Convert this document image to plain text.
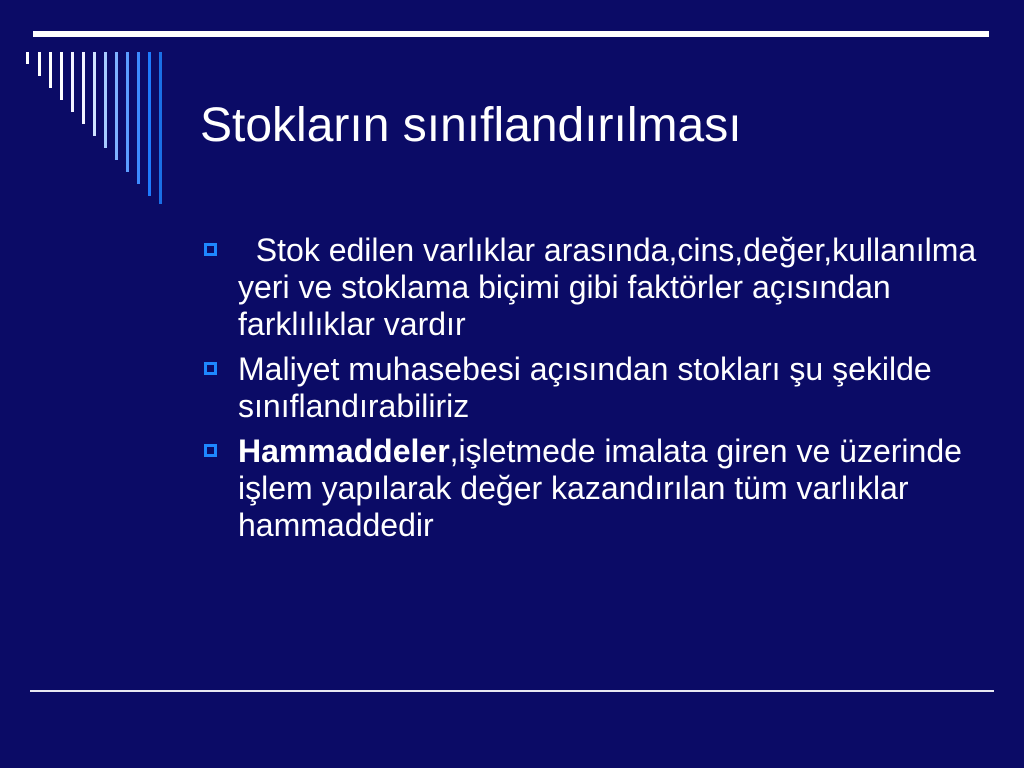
Stokların sınıflandırılması
Stok edilen varlıklar arasında,cins,değer,kullanılma yeri ve stoklama biçimi gibi faktörler açısından farklılıklar vardır
Maliyet muhasebesi açısından stokları şu şekilde sınıflandırabiliriz
Hammaddeler,işletmede imalata giren ve üzerinde işlem yapılarak değer kazandırılan tüm varlıklar hammaddedir
